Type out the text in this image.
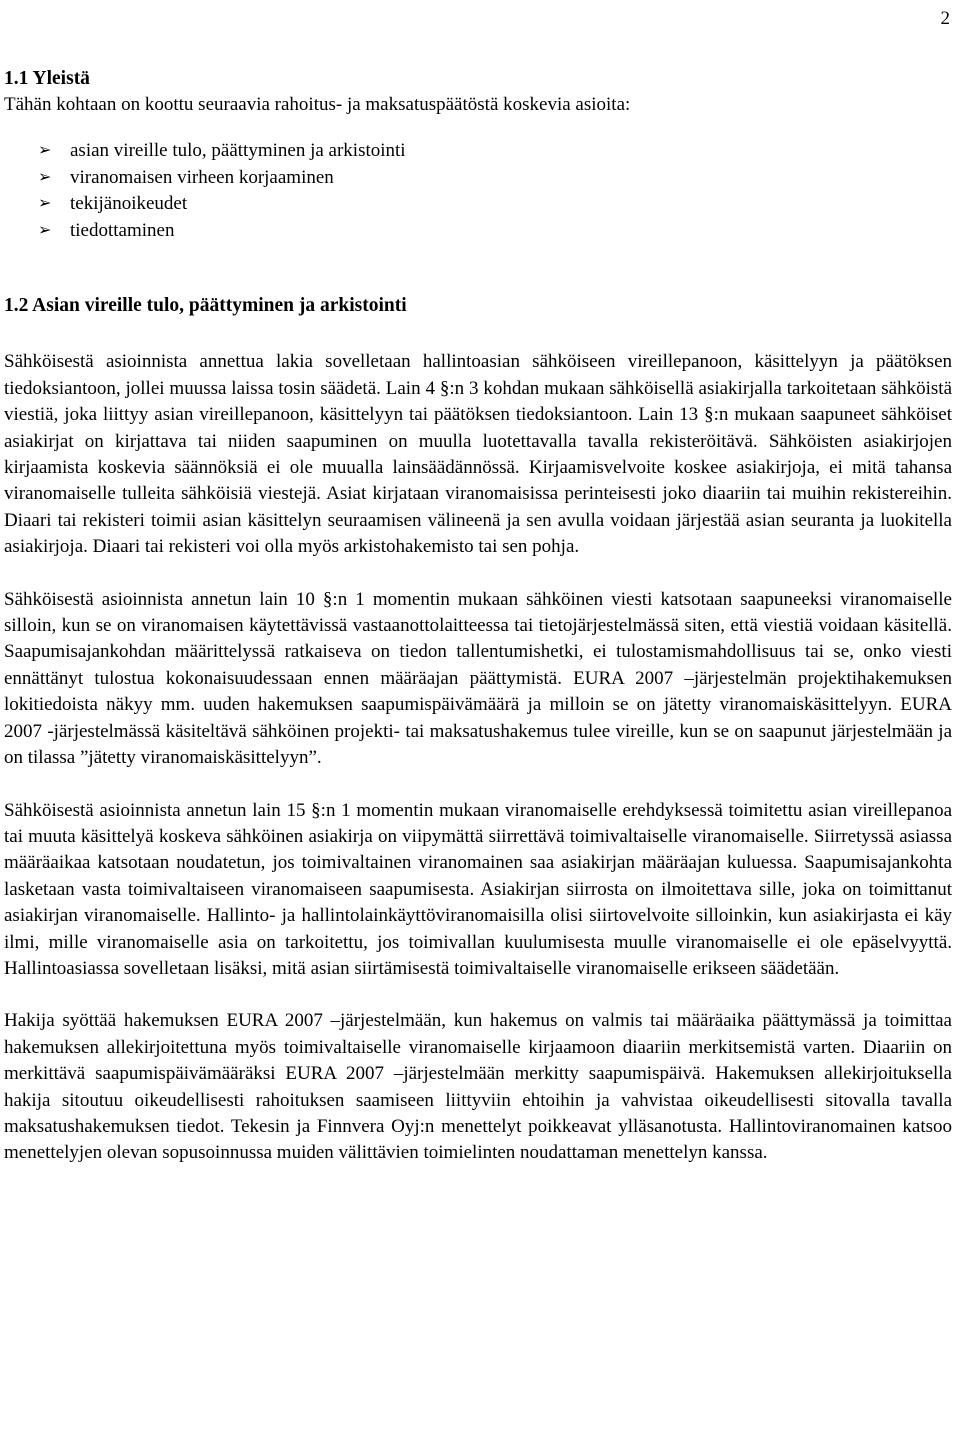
2
1.1 Yleistä

Tähän kohtaan on koottu seuraavia rahoitus- ja maksatuspäätöstä koskevia asioita:

➢ asian vireille tulo, päättyminen ja arkistointi
➢ viranomaisen virheen korjaaminen
➢ tekijänoikeudet
➢ tiedottaminen
1.2 Asian vireille tulo, päättyminen ja arkistointi

Sähköisestä asioinnista annettua lakia sovelletaan hallintoasian sähköiseen vireillepanoon, käsittelyyn ja päätöksen tiedoksiantoon, jollei muussa laissa tosin säädetä. Lain 4 §:n 3 kohdan mukaan sähköisellä asiakirjalla tarkoitetaan sähköistä viestiä, joka liittyy asian vireillepanoon, käsittelyyn tai päätöksen tiedoksiantoon. Lain 13 §:n mukaan saapuneet sähköiset asiakirjat on kirjattava tai niiden saapuminen on muulla luotettavalla tavalla rekisteröitävä. Sähköisten asiakirjojen kirjaamista koskevia säännöksiä ei ole muualla lainsäädännössä. Kirjaamisvelvoite koskee asiakirjoja, ei mitä tahansa viranomaiselle tulleita sähköisiä viestejä. Asiat kirjataan viranomaisissa perinteisesti joko diaariin tai muihin rekistereihin. Diaari tai rekisteri toimii asian käsittelyn seuraamisen välineenä ja sen avulla voidaan järjestää asian seuranta ja luokitella asiakirjoja. Diaari tai rekisteri voi olla myös arkistohakemisto tai sen pohja.

Sähköisestä asioinnista annetun lain 10 §:n 1 momentin mukaan sähköinen viesti katsotaan saapuneeksi viranomaiselle silloin, kun se on viranomaisen käytettävissä vastaanottolaitteessa tai tietojärjestelmässä siten, että viestiä voidaan käsitellä. Saapumisajankohdan määrittelyssä ratkaiseva on tiedon tallentumishetki, ei tulostamismahdollisuus tai se, onko viesti ennättänyt tulostua kokonaisuudessaan ennen määräajan päättymistä. EURA 2007 –järjestelmän projektihakemuksen lokitiedoista näkyy mm. uuden hakemuksen saapumispäivämäärä ja milloin se on jätetty viranomaiskäsittelyyn. EURA 2007 -järjestelmässä käsiteltävä sähköinen projekti- tai maksatushakemus tulee vireille, kun se on saapunut järjestelmään ja on tilassa ”jätetty viranomaiskäsittelyyn”.

Sähköisestä asioinnista annetun lain 15 §:n 1 momentin mukaan viranomaiselle erehdyksessä toimitettu asian vireillepanoa tai muuta käsittelyä koskeva sähköinen asiakirja on viipymättä siirrettävä toimivaltaiselle viranomaiselle. Siirretyssä asiassa määräaikaa katsotaan noudatetun, jos toimivaltainen viranomainen saa asiakirjan määräajan kuluessa. Saapumisajankohta lasketaan vasta toimivaltaiseen viranomaiseen saapumisesta. Asiakirjan siirrosta on ilmoitettava sille, joka on toimittanut asiakirjan viranomaiselle. Hallinto- ja hallintolainkäyttöviranomaisilla olisi siirtovelvoite silloinkin, kun asiakirjasta ei käy ilmi, mille viranomaiselle asia on tarkoitettu, jos toimivallan kuulumisesta muulle viranomaiselle ei ole epäselvyyttä. Hallintoasiassa sovelletaan lisäksi, mitä asian siirtämisestä toimivaltaiselle viranomaiselle erikseen säädetään.

Hakija syöttää hakemuksen EURA 2007 –järjestelmään, kun hakemus on valmis tai määräaika päättymässä ja toimittaa hakemuksen allekirjoitettuna myös toimivaltaiselle viranomaiselle kirjaamoon diaariin merkitsemistä varten. Diaariin on merkittävä saapumispäivämääräksi EURA 2007 –järjestelmään merkitty saapumispäivä. Hakemuksen allekirjoituksella hakija sitoutuu oikeudellisesti rahoituksen saamiseen liittyviin ehtoihin ja vahvistaa oikeudellisesti sitovalla tavalla maksatushakemuksen tiedot. Tekesin ja Finnvera Oyj:n menettelyt poikkeavat ylläsanotusta. Hallintoviranomainen katsoo menettelyjen olevan sopusoinnussa muiden välittävien toimielinten noudattaman menettelyn kanssa.
